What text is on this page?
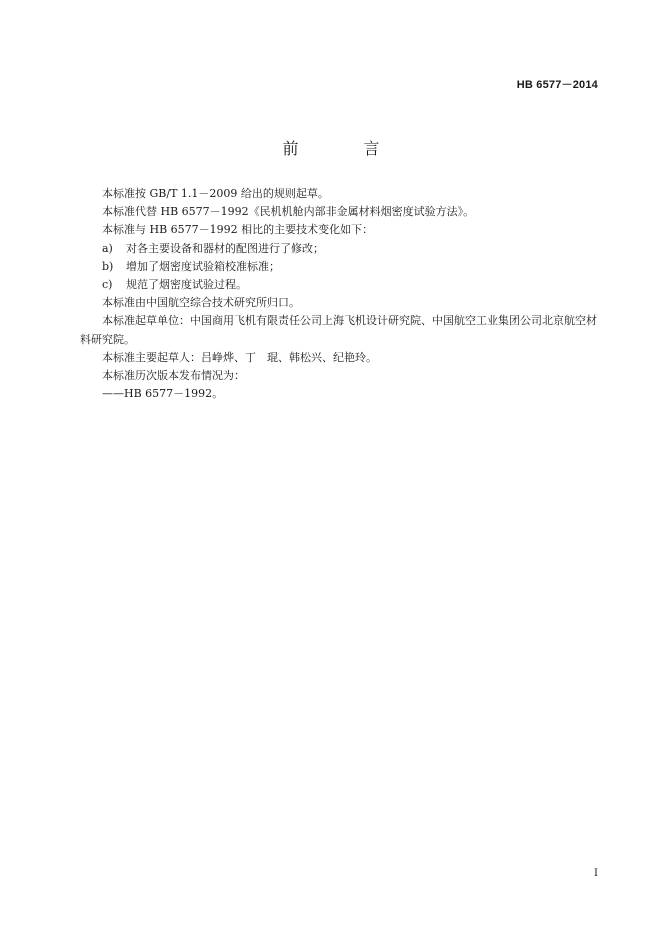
HB 6577－2014
前 言

本标准按 GB/T 1.1－2009 给出的规则起草。

本标准代替 HB 6577－1992《民机机舱内部非金属材料烟密度试验方法》。

本标准与 HB 6577－1992 相比的主要技术变化如下：

a)	对各主要设备和器材的配图进行了修改；
b)	增加了烟密度试验箱校准标准；
c)	规范了烟密度试验过程。

本标准由中国航空综合技术研究所归口。

本标准起草单位：中国商用飞机有限责任公司上海飞机设计研究院、中国航空工业集团公司北京航空材料研究院。

本标准主要起草人：吕峥烨、丁　琨、韩松兴、纪艳玲。

本标准历次版本发布情况为：

——HB 6577－1992。

I
